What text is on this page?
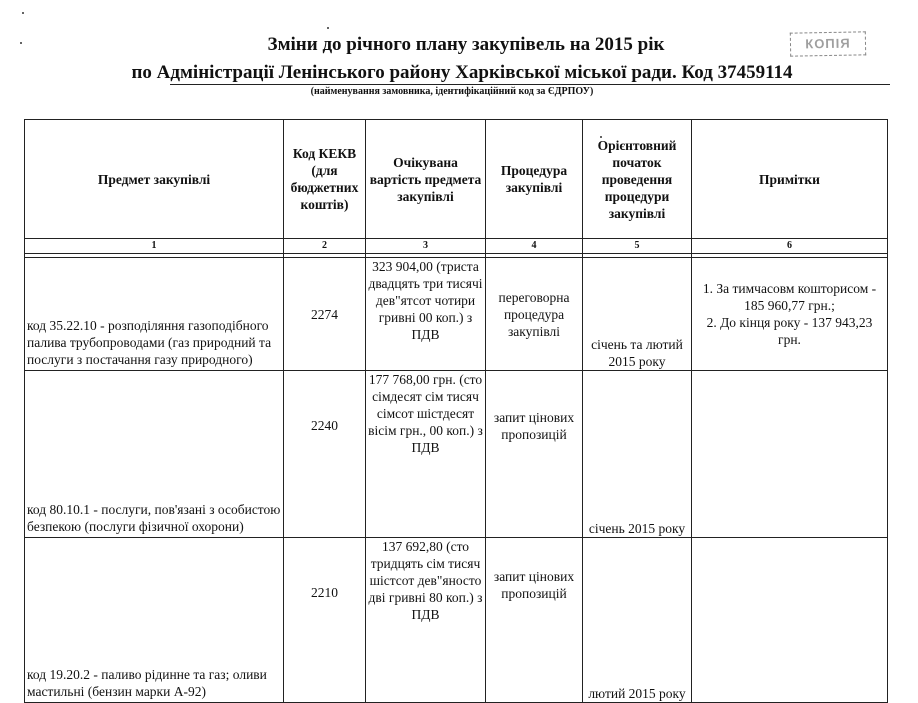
Зміни до річного плану закупівель на 2015 рік
по Адміністрації Ленінського району Харківської міської ради. Код 37459114
(найменування замовника, ідентифікаційний код за ЄДРПОУ)
КОПІЯ
Предмет закупівлі	Код КЕКВ (для бюджетних коштів)	Очікувана вартість предмета закупівлі	Процедура закупівлі	Орієнтовний початок проведення процедури закупівлі	Примітки
1	2	3	4	5	6

код 35.22.10 - розподіляння газоподібного палива трубопроводами (газ природний та послуги з постачання газу природного)	2274	323 904,00 (триста двадцять три тисячі дев"ятсот чотири гривні 00 коп.) з ПДВ	переговорна процедура закупівлі	січень та лютий 2015 року	1. За тимчасовм кошторисом - 185 960,77 грн.;
2. До кінця року - 137 943,23 грн.

код 80.10.1 - послуги, пов'язані з особистою безпекою (послуги фізичної охорони)	2240	177 768,00 грн. (сто сімдесят сім тисяч сімсот шістдесят вісім грн., 00 коп.) з ПДВ	запит цінових пропозицій	січень 2015 року	
код 19.20.2 - паливо рідинне та газ; оливи мастильні (бензин марки А-92)	2210	137 692,80 (сто тридцять сім тисяч шістсот дев"яносто дві гривні 80 коп.) з ПДВ	запит цінових пропозицій	лютий 2015 року	
